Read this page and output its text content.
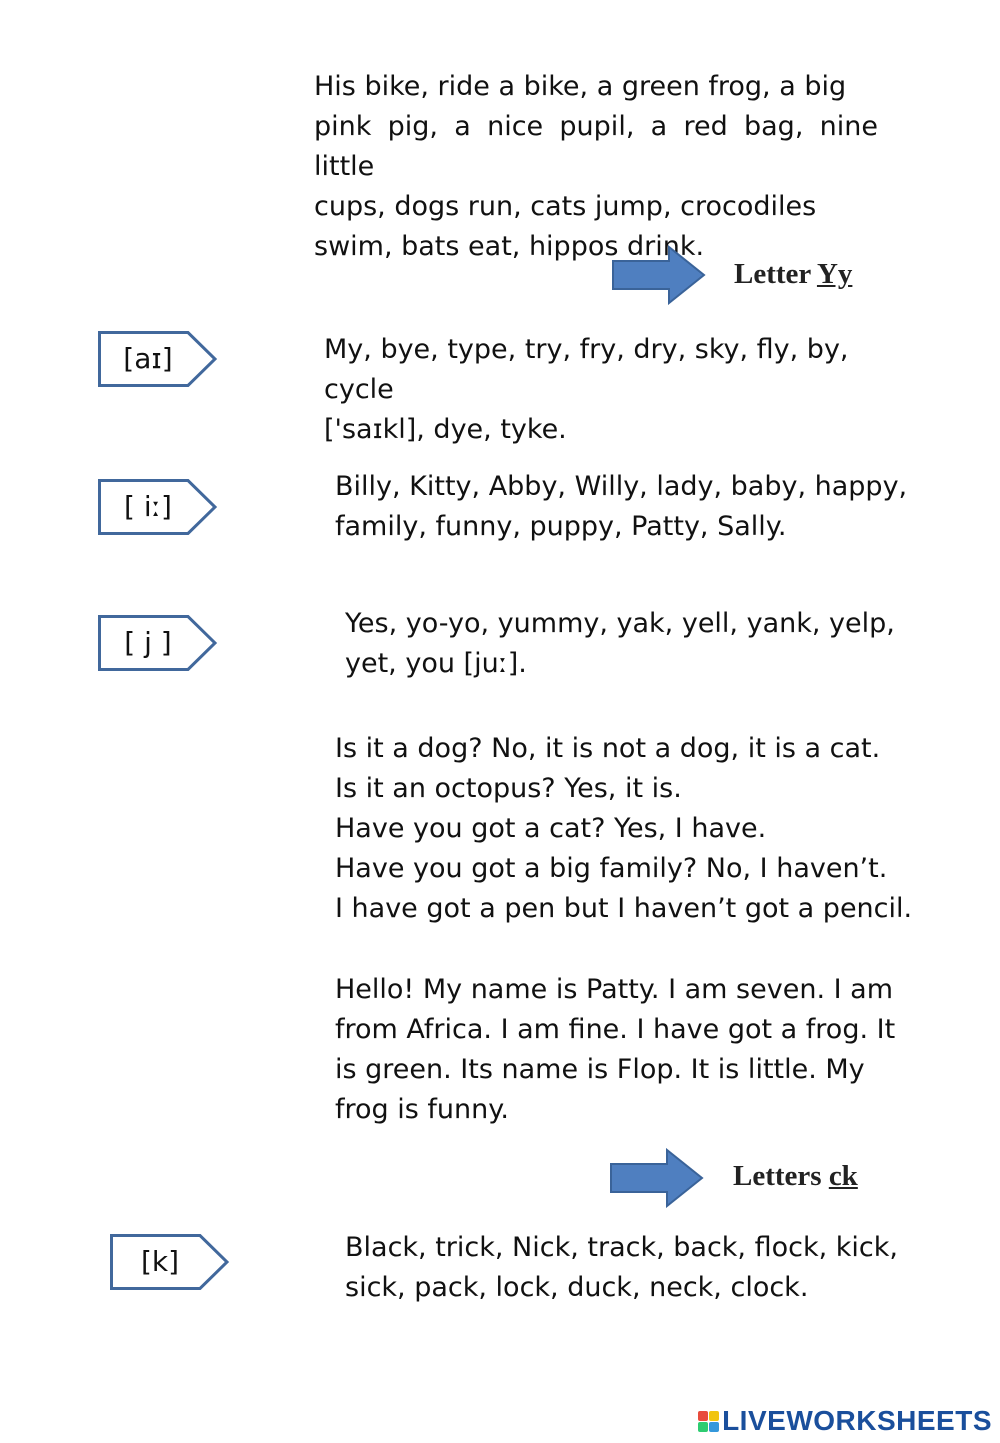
His bike, ride a bike, a green frog, a big
pink pig, a nice pupil, a red bag, nine little
cups, dogs run, cats jump, crocodiles
swim, bats eat, hippos drink.
Letter Yy
[aɪ]	My, bye, type, try, fry, dry, sky, fly, by, cycle
['saɪkl], dye, tyke.
[ iː]
Billy, Kitty, Abby, Willy, lady, baby, happy,
family, funny, puppy, Patty, Sally.
[ j ]
Yes, yo-yo, yummy, yak, yell, yank, yelp,
yet, you [juː].
Is it a dog? No, it is not a dog, it is a cat.
Is it an octopus? Yes, it is.
Have you got a cat? Yes, I have.
Have you got a big family? No, I haven’t.
I have got a pen but I haven’t got a pencil.
Hello! My name is Patty. I am seven. I am
from Africa. I am fine. I have got a frog. It
is green. Its name is Flop. It is little. My
frog is funny.
Letters ck
[k]	Black, trick, Nick, track, back, flock, kick,
sick, pack, lock, duck, neck, clock.
LIVEWORKSHEETS
